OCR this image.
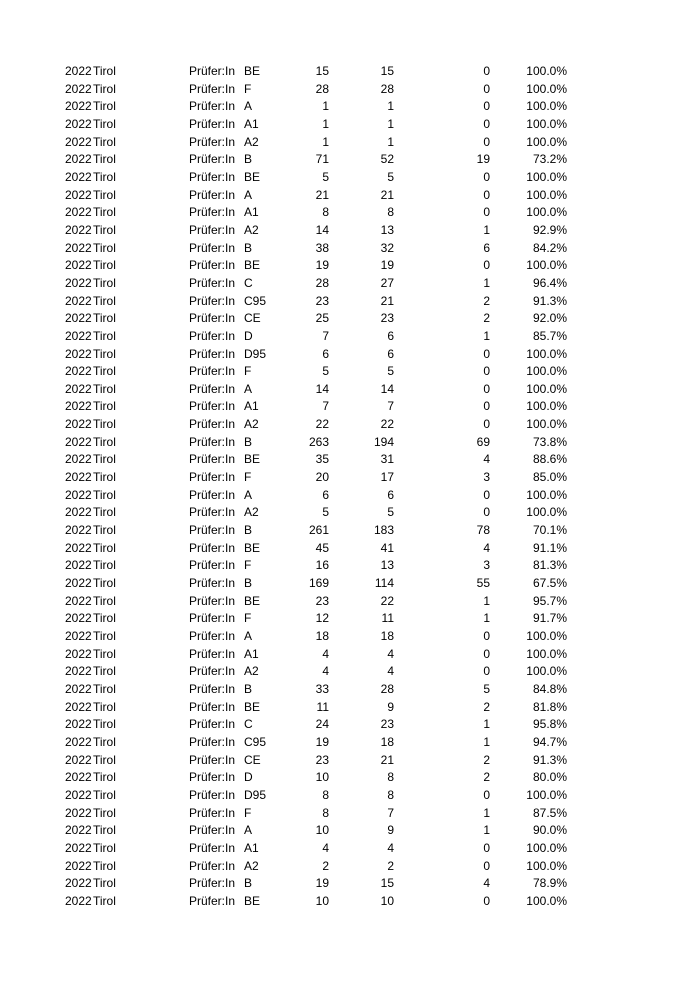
2022 Tirol	Prüfer:In BE	15	15	0	100.0%
2022 Tirol	Prüfer:In F	28	28	0	100.0%
2022 Tirol	Prüfer:In A	1	1	0	100.0%
2022 Tirol	Prüfer:In A1	1	1	0	100.0%
2022 Tirol	Prüfer:In A2	1	1	0	100.0%
2022 Tirol	Prüfer:In B	71	52	19	73.2%
2022 Tirol	Prüfer:In BE	5	5	0	100.0%
2022 Tirol	Prüfer:In A	21	21	0	100.0%
2022 Tirol	Prüfer:In A1	8	8	0	100.0%
2022 Tirol	Prüfer:In A2	14	13	1	92.9%
2022 Tirol	Prüfer:In B	38	32	6	84.2%
2022 Tirol	Prüfer:In BE	19	19	0	100.0%
2022 Tirol	Prüfer:In C	28	27	1	96.4%
2022 Tirol	Prüfer:In C95	23	21	2	91.3%
2022 Tirol	Prüfer:In CE	25	23	2	92.0%
2022 Tirol	Prüfer:In D	7	6	1	85.7%
2022 Tirol	Prüfer:In D95	6	6	0	100.0%
2022 Tirol	Prüfer:In F	5	5	0	100.0%
2022 Tirol	Prüfer:In A	14	14	0	100.0%
2022 Tirol	Prüfer:In A1	7	7	0	100.0%
2022 Tirol	Prüfer:In A2	22	22	0	100.0%
2022 Tirol	Prüfer:In B	263	194	69	73.8%
2022 Tirol	Prüfer:In BE	35	31	4	88.6%
2022 Tirol	Prüfer:In F	20	17	3	85.0%
2022 Tirol	Prüfer:In A	6	6	0	100.0%
2022 Tirol	Prüfer:In A2	5	5	0	100.0%
2022 Tirol	Prüfer:In B	261	183	78	70.1%
2022 Tirol	Prüfer:In BE	45	41	4	91.1%
2022 Tirol	Prüfer:In F	16	13	3	81.3%
2022 Tirol	Prüfer:In B	169	114	55	67.5%
2022 Tirol	Prüfer:In BE	23	22	1	95.7%
2022 Tirol	Prüfer:In F	12	11	1	91.7%
2022 Tirol	Prüfer:In A	18	18	0	100.0%
2022 Tirol	Prüfer:In A1	4	4	0	100.0%
2022 Tirol	Prüfer:In A2	4	4	0	100.0%
2022 Tirol	Prüfer:In B	33	28	5	84.8%
2022 Tirol	Prüfer:In BE	11	9	2	81.8%
2022 Tirol	Prüfer:In C	24	23	1	95.8%
2022 Tirol	Prüfer:In C95	19	18	1	94.7%
2022 Tirol	Prüfer:In CE	23	21	2	91.3%
2022 Tirol	Prüfer:In D	10	8	2	80.0%
2022 Tirol	Prüfer:In D95	8	8	0	100.0%
2022 Tirol	Prüfer:In F	8	7	1	87.5%
2022 Tirol	Prüfer:In A	10	9	1	90.0%
2022 Tirol	Prüfer:In A1	4	4	0	100.0%
2022 Tirol	Prüfer:In A2	2	2	0	100.0%
2022 Tirol	Prüfer:In B	19	15	4	78.9%
2022 Tirol	Prüfer:In BE	10	10	0	100.0%
